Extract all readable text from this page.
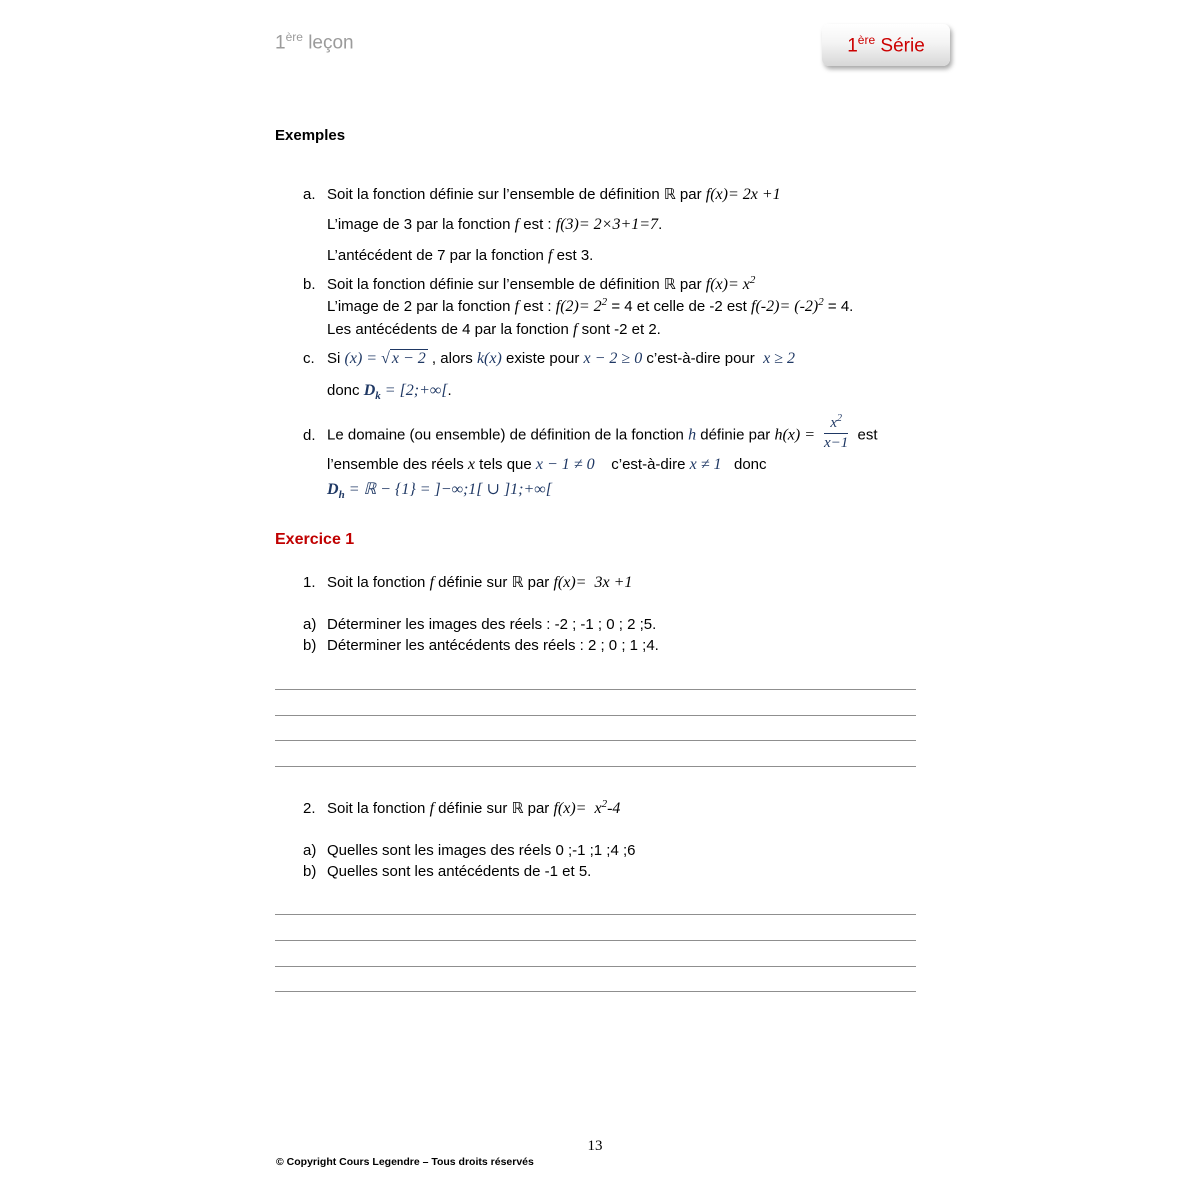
1ère leçon	1ère Série
Exemples
a. Soit la fonction définie sur l’ensemble de définition ℝ par f(x)= 2x +1
L’image de 3 par la fonction f est : f(3)= 2×3+1=7.
L’antécédent de 7 par la fonction f est 3.
b. Soit la fonction définie sur l’ensemble de définition ℝ par $f(x)= x^2$
L’image de 2 par la fonction f est : $f(2)= 2^2 = 4$ et celle de -2 est $f(-2)= (-2)^2 = 4$.
Les antécédents de 4 par la fonction f sont -2 et 2.
c. Si (x) = √ x − 2 , alors k(x) existe pour x − 2 ≥ 0 c’est-à-dire pour  x ≥ 2
donc $D_k$ = [2;+∞[.
d. Le domaine (ou ensemble) de définition de la fonction h définie par $h(x) = \frac{x^2}{x-1}$ est
l’ensemble des réels x tels que x − 1 ≠ 0    c’est-à-dire x ≠ 1   donc
$D_h$ = ℝ − {1} = ]−∞;1[ ∪ ]1;+∞[
Exercice 1
1. Soit la fonction f définie sur ℝ par f(x)=  3x +1
a) Déterminer les images des réels : -2 ; -1 ; 0 ; 2 ;5.
b) Déterminer les antécédents des réels : 2 ; 0 ; 1 ;4.
2. Soit la fonction f définie sur ℝ par $f(x)= x^2-4$
a) Quelles sont les images des réels 0 ;-1 ;1 ;4 ;6
b) Quelles sont les antécédents de -1 et 5.
13
© Copyright Cours Legendre – Tous droits réservés
